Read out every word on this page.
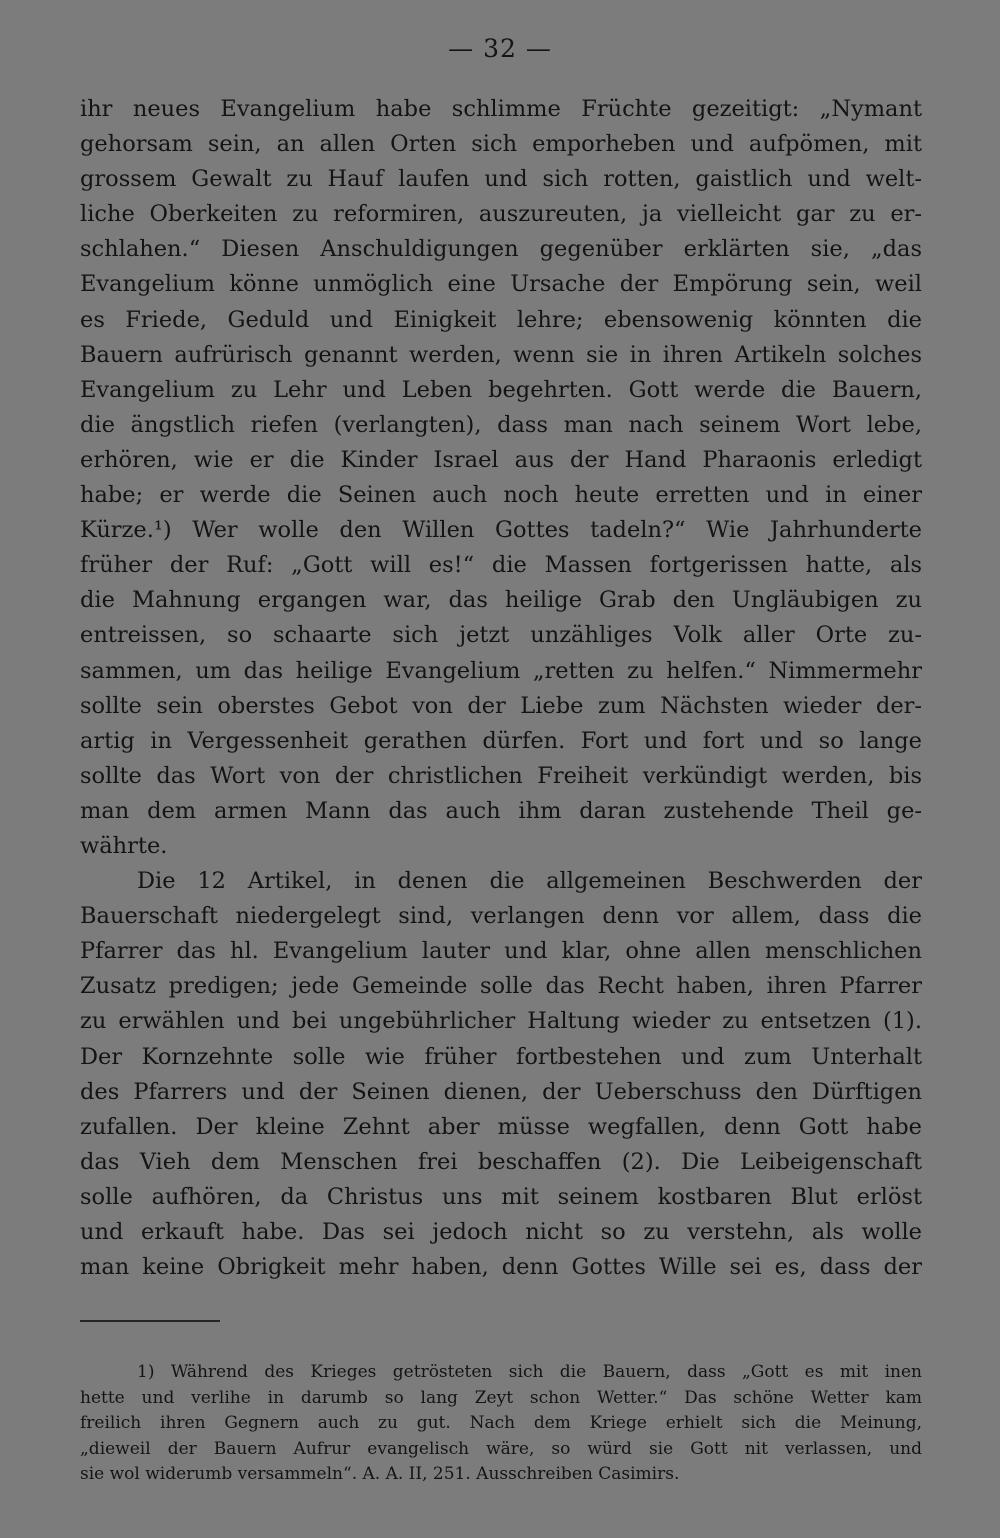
— 32 —
ihr neues Evangelium habe schlimme Früchte gezeitigt: „Nymant
gehorsam sein, an allen Orten sich emporheben und aufpömen, mit
grossem Gewalt zu Hauf laufen und sich rotten, gaistlich und welt-
liche Oberkeiten zu reformiren, auszureuten, ja vielleicht gar zu er-
schlahen.“ Diesen Anschuldigungen gegenüber erklärten sie, „das
Evangelium könne unmöglich eine Ursache der Empörung sein, weil
es Friede, Geduld und Einigkeit lehre; ebensowenig könnten die
Bauern aufrürisch genannt werden, wenn sie in ihren Artikeln solches
Evangelium zu Lehr und Leben begehrten. Gott werde die Bauern,
die ängstlich riefen (verlangten), dass man nach seinem Wort lebe,
erhören, wie er die Kinder Israel aus der Hand Pharaonis erledigt
habe; er werde die Seinen auch noch heute erretten und in einer
Kürze.¹) Wer wolle den Willen Gottes tadeln?“ Wie Jahrhunderte
früher der Ruf: „Gott will es!“ die Massen fortgerissen hatte, als
die Mahnung ergangen war, das heilige Grab den Ungläubigen zu
entreissen, so schaarte sich jetzt unzähliges Volk aller Orte zu-
sammen, um das heilige Evangelium „retten zu helfen.“ Nimmermehr
sollte sein oberstes Gebot von der Liebe zum Nächsten wieder der-
artig in Vergessenheit gerathen dürfen. Fort und fort und so lange
sollte das Wort von der christlichen Freiheit verkündigt werden, bis
man dem armen Mann das auch ihm daran zustehende Theil ge-
währte.
Die 12 Artikel, in denen die allgemeinen Beschwerden der
Bauerschaft niedergelegt sind, verlangen denn vor allem, dass die
Pfarrer das hl. Evangelium lauter und klar, ohne allen menschlichen
Zusatz predigen; jede Gemeinde solle das Recht haben, ihren Pfarrer
zu erwählen und bei ungebührlicher Haltung wieder zu entsetzen (1).
Der Kornzehnte solle wie früher fortbestehen und zum Unterhalt
des Pfarrers und der Seinen dienen, der Ueberschuss den Dürftigen
zufallen. Der kleine Zehnt aber müsse wegfallen, denn Gott habe
das Vieh dem Menschen frei beschaffen (2). Die Leibeigenschaft
solle aufhören, da Christus uns mit seinem kostbaren Blut erlöst
und erkauft habe. Das sei jedoch nicht so zu verstehn, als wolle
man keine Obrigkeit mehr haben, denn Gottes Wille sei es, dass der
1) Während des Krieges getrösteten sich die Bauern, dass „Gott es mit inen
hette und verlihe in darumb so lang Zeyt schon Wetter.“ Das schöne Wetter kam
freilich ihren Gegnern auch zu gut. Nach dem Kriege erhielt sich die Meinung,
„dieweil der Bauern Aufrur evangelisch wäre, so würd sie Gott nit verlassen, und
sie wol widerumb versammeln“. A. A. II, 251. Ausschreiben Casimirs.
